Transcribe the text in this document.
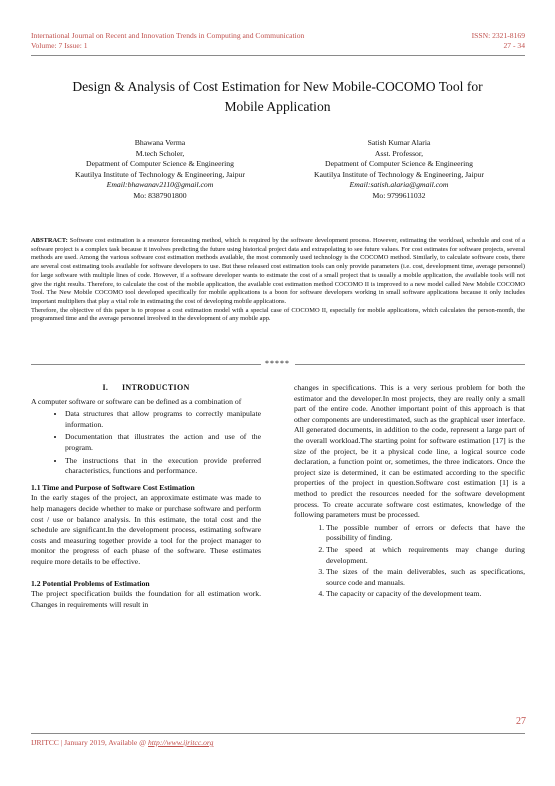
International Journal on Recent and Innovation Trends in Computing and Communication	ISSN: 2321-8169
Volume: 7 Issue: 1	27 - 34
Design & Analysis of Cost Estimation for New Mobile-COCOMO Tool for
Mobile Application
Bhawana Verma
M.tech Scholer,
Depatment of Computer Science & Engineering
Kautilya Institute of Technology & Engineering, Jaipur
Email:bhawanav2110@gmail.com
Mo: 8387901800
Satish Kumar Alaria
Asst. Professor,
Depatment of Computer Science & Engineering
Kautilya Institute of Technology & Engineering, Jaipur
Email:satish.alaria@gmail.com
Mo: 9799611032
ABSTRACT: Software cost estimation is a resource forecasting method, which is required by the software development process. However, estimating the workload, schedule and cost of a software project is a complex task because it involves predicting the future using historical project data and extrapolating to see future values. For cost estimates for software projects, several methods are used. Among the various software cost estimation methods available, the most commonly used technology is the COCOMO method. Similarly, to calculate software costs, there are several cost estimating tools available for software developers to use. But these released cost estimation tools can only provide parameters (i.e. cost, development time, average personnel) for large software with multiple lines of code. However, if a software developer wants to estimate the cost of a small project that is usually a mobile application, the available tools will not give the right results. Therefore, to calculate the cost of the mobile application, the available cost estimation method COCOMO II is improved to a new model called New Mobile COCOMO Tool. The New Mobile COCOMO tool developed specifically for mobile applications is a boon for software developers working in small software applications because it only includes important multipliers that play a vital role in estimating the cost of developing mobile applications.
Therefore, the objective of this paper is to propose a cost estimation model with a special case of COCOMO II, especially for mobile applications, which calculates the person-month, the programmed time and the average personnel involved in the development of any mobile app.
*****
I.      INTRODUCTION

A computer software or software can be defined as a combination of

• Data structures that allow programs to correctly manipulate information.
• Documentation that illustrates the action and use of the program.
• The instructions that in the execution provide preferred characteristics, functions and performance.
1.1 Time and Purpose of Software Cost Estimation

In the early stages of the project, an approximate estimate was made to help managers decide whether to make or purchase software and perform cost / use or balance analysis. In this estimate, the total cost and the schedule are significant.In the development process, estimating software costs and measuring together provide a tool for the project manager to monitor the progress of each phase of the software. These estimates require more details to be effective.

1.2 Potential Problems of Estimation

The project specification builds the foundation for all estimation work. Changes in requirements will result in

changes in specifications. This is a very serious problem for both the estimator and the developer.In most projects, they are really only a small part of the entire code. Another important point of this approach is that other components are underestimated, such as the graphical user interface. All generated documents, in addition to the code, represent a large part of the overall workload.The starting point for software estimation [17] is the size of the project, be it a physical code line, a logical source code declaration, a function point or, sometimes, the three indicators. Once the project size is determined, it can be estimated according to the specific properties of the project in question.Software cost estimation [1] is a method to predict the resources needed for the software development process. To create accurate software cost estimates, knowledge of the following parameters must be processed.

1. The possible number of errors or defects that have the possibility of finding.
2. The speed at which requirements may change during development.
3. The sizes of the main deliverables, such as specifications, source code and manuals.
4. The capacity or capacity of the development team.
27
IJRITCC | January 2019, Available @ http://www.ijritcc.org
